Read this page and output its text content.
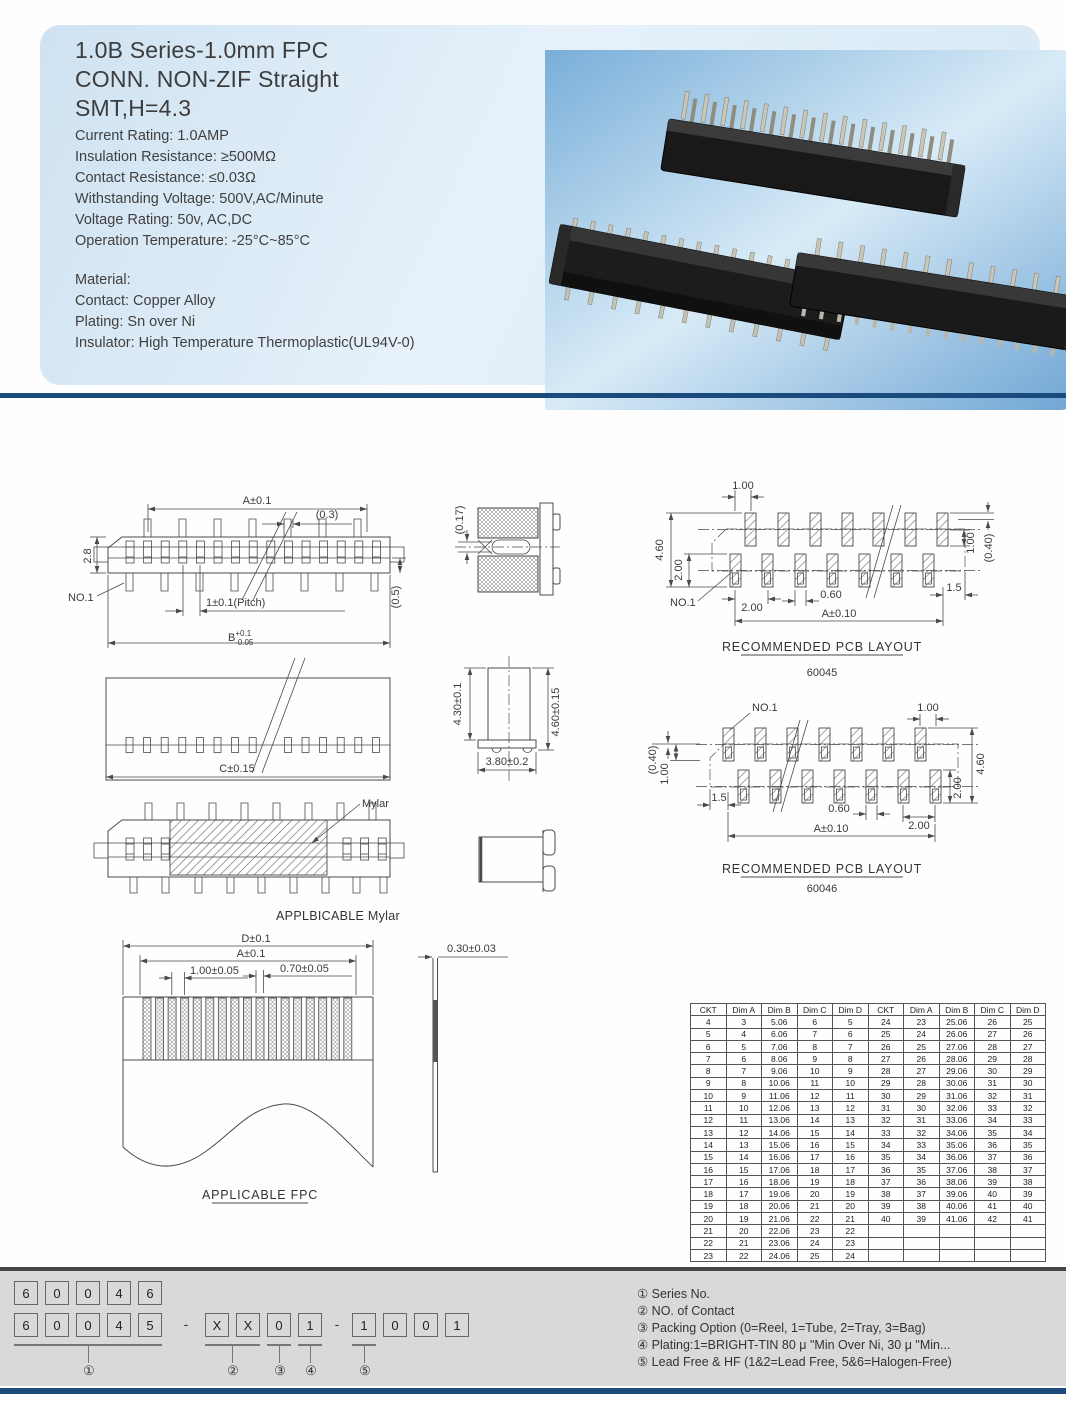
1.0B Series-1.0mm FPC
CONN. NON-ZIF Straight
SMT,H=4.3
Current Rating: 1.0AMP
Insulation Resistance: ≥500MΩ
Contact Resistance: ≤0.03Ω
Withstanding Voltage: 500V,AC/Minute
Voltage Rating: 50v, AC,DC
Operation Temperature: -25°C~85°C
Material:
Contact: Copper Alloy
Plating: Sn over Ni
Insulator: High Temperature Thermoplastic(UL94V-0)
A±0.1
(0.3)
2.8
NO.1	1±0.1(Pitch)
$B^{+0.1}$ -0.05
(0.5)
(0.17)
1.00
4.60
2.00
NO.1	2.00
0.60
1.5
A±0.10
1.00 (0.40)
RECOMMENDED PCB LAYOUT
60045
C±0.15
4.30±0.1	4.60±0.15
3.80±0.2
Mylar
APPLBICABLE Mylar
NO.1	1.00
(0.40) 1.00
1.5
0.60
2.00
A±0.10
4.60
2.00
RECOMMENDED PCB LAYOUT
60046
D±0.1
A±0.1
1.00±0.05	0.70±0.05
APPLICABLE FPC
0.30±0.03
CKT	Dim A	Dim B	Dim C	Dim D	CKT	Dim A	Dim B	Dim C	Dim D
4	3	5.06	6	5	24	23	25.06	26	25
5	4	6.06	7	6	25	24	26.06	27	26
6	5	7.06	8	7	26	25	27.06	28	27
7	6	8.06	9	8	27	26	28.06	29	28
8	7	9.06	10	9	28	27	29.06	30	29
9	8	10.06	11	10	29	28	30.06	31	30
10	9	11.06	12	11	30	29	31.06	32	31
11	10	12.06	13	12	31	30	32.06	33	32
12	11	13.06	14	13	32	31	33.06	34	33
13	12	14.06	15	14	33	32	34.06	35	34
14	13	15.06	16	15	34	33	35.06	36	35
15	14	16.06	17	16	35	34	36.06	37	36
16	15	17.06	18	17	36	35	37.06	38	37
17	16	18.06	19	18	37	36	38.06	39	38
18	17	19.06	20	19	38	37	39.06	40	39
19	18	20.06	21	20	39	38	40.06	41	40
20	19	21.06	22	21	40	39	41.06	42	41
21	20	22.06	23	22					
22	21	23.06	24	23					
23	22	24.06	25	24					
6	0	0	4	6
6	0	0	4	5	-	X	X	0	1	-	1	0	0	1
①	②	③ ④	⑤
① Series No.
② NO. of Contact
③ Packing Option (0=Reel, 1=Tube, 2=Tray, 3=Bag)
④ Plating:1=BRIGHT-TIN 80 μ "Min Over Ni, 30 μ "Min...
⑤ Lead Free & HF (1&2=Lead Free, 5&6=Halogen-Free)
